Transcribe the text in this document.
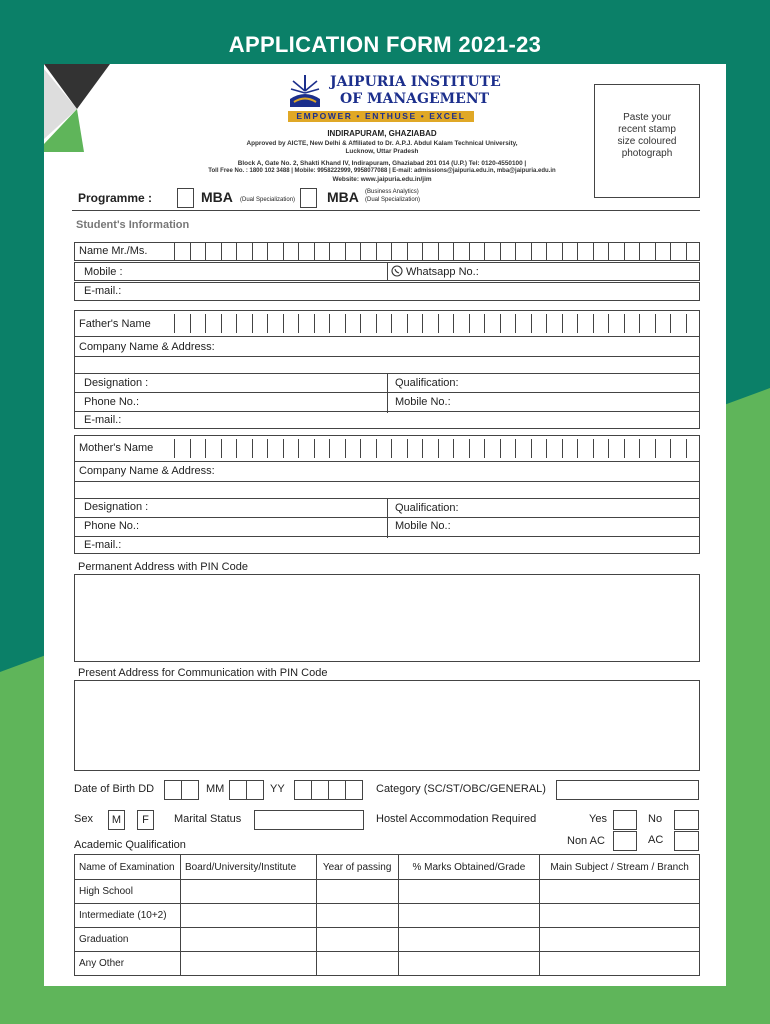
APPLICATION FORM 2021-23
JAIPURIA INSTITUTE
OF MANAGEMENT
EMPOWER • ENTHUSE • EXCEL
INDIRAPURAM, GHAZIABAD
Approved by AICTE, New Delhi & Affiliated to Dr. A.P.J. Abdul Kalam Technical University,
Lucknow, Uttar Pradesh
Block A, Gate No. 2, Shakti Khand IV, Indirapuram, Ghaziabad 201 014 (U.P.) Tel: 0120-4550100 |
Toll Free No. : 1800 102 3488 | Mobile: 9958222999, 9958077088 | E-mail: admissions@jaipuria.edu.in, mba@jaipuria.edu.in
Website: www.jaipuria.edu.in/jim
Paste your recent stamp size coloured photograph
Programme :	MBA (Dual Specialization) MBA (Business Analytics)
(Dual Specialization)
Student's Information
Name Mr./Ms.
Mobile :	Whatsapp No.:
E-mail.:
Father's Name
Company Name & Address:
Designation :	Qualification:
Phone No.:	Mobile No.:
E-mail.:
Mother's Name
Company Name & Address:
Designation :	Qualification:
Phone No.:	Mobile No.:
E-mail.:
Permanent Address with PIN Code
Present Address for Communication with PIN Code
Date of Birth DD	MM	YY	Category (SC/ST/OBC/GENERAL)
Sex	M	F	Marital Status	Hostel Accommodation Required	Yes	No
Non AC	AC
Academic Qualification
Name of Examination	Board/University/Institute	Year of passing	% Marks Obtained/Grade	Main Subject / Stream / Branch
High School				
Intermediate (10+2)				
Graduation				
Any Other				
